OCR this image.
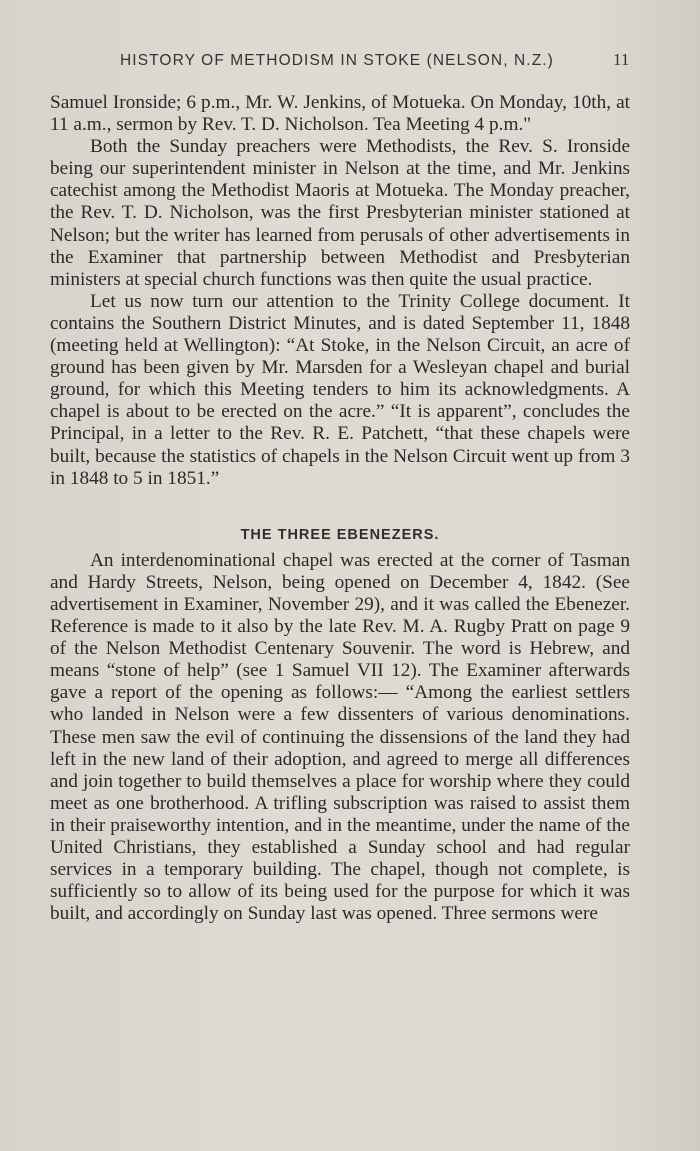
HISTORY OF METHODISM IN STOKE (NELSON, N.Z.)	11

Samuel Ironside; 6 p.m., Mr. W. Jenkins, of Motueka. On Monday, 10th, at 11 a.m., sermon by Rev. T. D. Nicholson. Tea Meeting 4 p.m."

Both the Sunday preachers were Methodists, the Rev. S. Ironside being our superintendent minister in Nelson at the time, and Mr. Jenkins catechist among the Methodist Maoris at Motueka. The Monday preacher, the Rev. T. D. Nicholson, was the first Presbyterian minister stationed at Nelson; but the writer has learned from perusals of other advertisements in the Examiner that partnership between Methodist and Presbyterian ministers at special church functions was then quite the usual practice.

Let us now turn our attention to the Trinity College document. It contains the Southern District Minutes, and is dated September 11, 1848 (meeting held at Wellington): “At Stoke, in the Nelson Circuit, an acre of ground has been given by Mr. Marsden for a Wesleyan chapel and burial ground, for which this Meeting tenders to him its acknowledgments. A chapel is about to be erected on the acre.” “It is apparent”, concludes the Principal, in a letter to the Rev. R. E. Patchett, “that these chapels were built, because the statistics of chapels in the Nelson Circuit went up from 3 in 1848 to 5 in 1851.”

THE THREE EBENEZERS.

An interdenominational chapel was erected at the corner of Tasman and Hardy Streets, Nelson, being opened on December 4, 1842. (See advertisement in Examiner, November 29), and it was called the Ebenezer. Reference is made to it also by the late Rev. M. A. Rugby Pratt on page 9 of the Nelson Methodist Centenary Souvenir. The word is Hebrew, and means “stone of help” (see 1 Samuel VII 12). The Examiner afterwards gave a report of the opening as follows:— “Among the earliest settlers who landed in Nelson were a few dissenters of various denominations. These men saw the evil of continuing the dissensions of the land they had left in the new land of their adoption, and agreed to merge all differences and join together to build themselves a place for worship where they could meet as one brotherhood. A trifling subscription was raised to assist them in their praiseworthy intention, and in the meantime, under the name of the United Christians, they established a Sunday school and had regular services in a temporary building. The chapel, though not complete, is sufficiently so to allow of its being used for the purpose for which it was built, and accordingly on Sunday last was opened. Three sermons were
